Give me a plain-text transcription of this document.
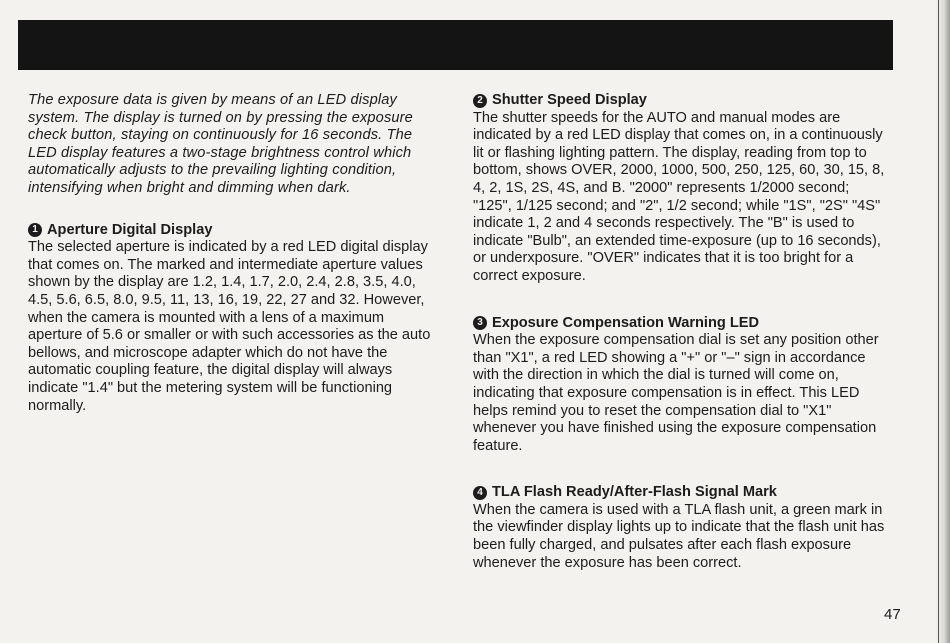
The exposure data is given by means of an LED display system. The display is turned on by pressing the exposure check button, staying on continuously for 16 seconds. The LED display features a two-stage brightness control which automatically adjusts to the prevailing lighting condition, intensifying when bright and dimming when dark.

1 Aperture Digital Display

The selected aperture is indicated by a red LED digital display that comes on. The marked and intermediate aperture values shown by the display are 1.2, 1.4, 1.7, 2.0, 2.4, 2.8, 3.5, 4.0, 4.5, 5.6, 6.5, 8.0, 9.5, 11, 13, 16, 19, 22, 27 and 32. However, when the camera is mounted with a lens of a maximum aperture of 5.6 or smaller or with such accessories as the auto bellows, and microscope adapter which do not have the automatic coupling feature, the digital display will always indicate "1.4" but the metering system will be functioning normally.

2 Shutter Speed Display

The shutter speeds for the AUTO and manual modes are indicated by a red LED display that comes on, in a continuously lit or flashing lighting pattern. The display, reading from top to bottom, shows OVER, 2000, 1000, 500, 250, 125, 60, 30, 15, 8, 4, 2, 1S, 2S, 4S, and B. "2000" represents 1/2000 second; "125", 1/125 second; and "2", 1/2 second; while "1S", "2S" "4S" indicate 1, 2 and 4 seconds respectively. The "B" is used to indicate "Bulb", an extended time-exposure (up to 16 seconds), or underxposure. "OVER" indicates that it is too bright for a correct exposure.

3 Exposure Compensation Warning LED

When the exposure compensation dial is set any position other than "X1", a red LED showing a "+" or "–" sign in accordance with the direction in which the dial is turned will come on, indicating that exposure compensation is in effect. This LED helps remind you to reset the compensation dial to "X1" whenever you have finished using the exposure compensation feature.

4 TLA Flash Ready/After-Flash Signal Mark

When the camera is used with a TLA flash unit, a green mark in the viewfinder display lights up to indicate that the flash unit has been fully charged, and pulsates after each flash exposure whenever the exposure has been correct.

47
